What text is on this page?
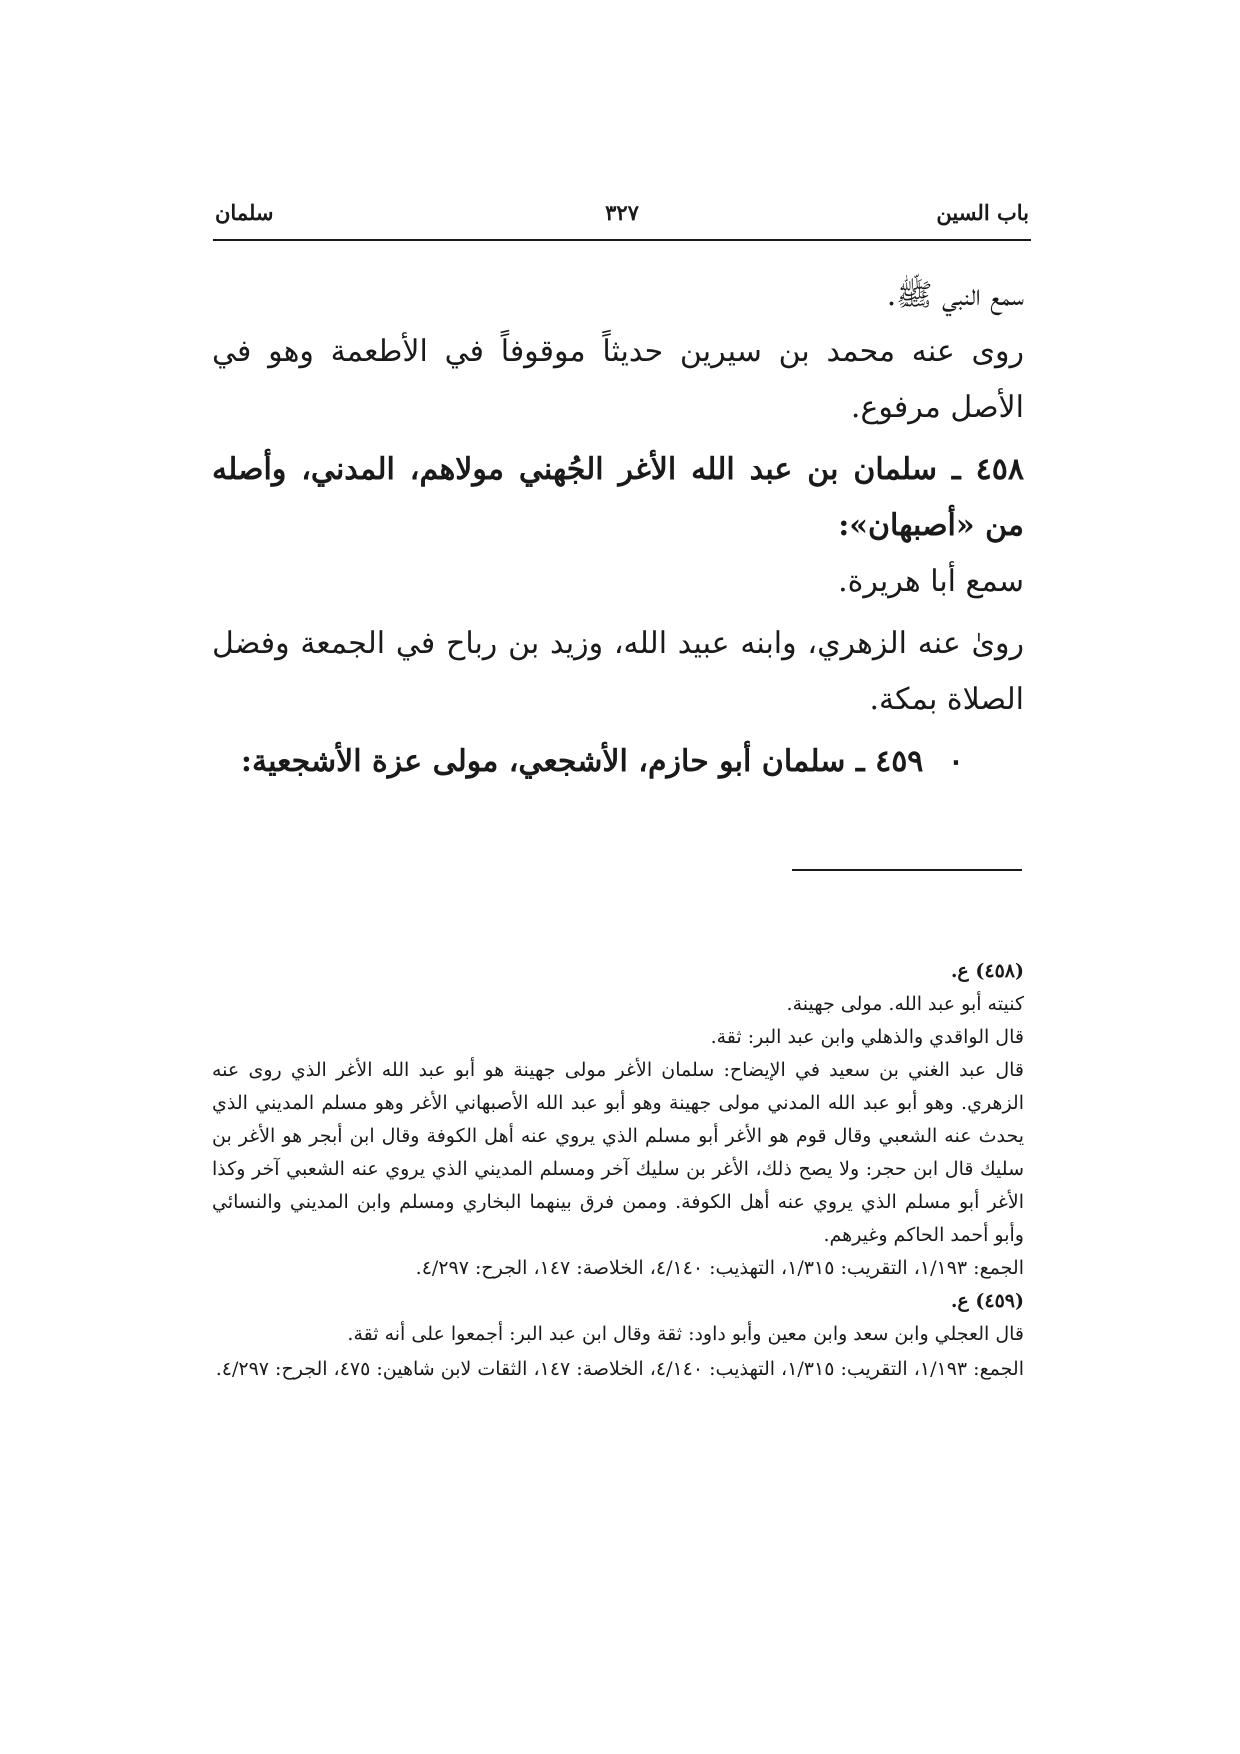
باب السين
٣٢٧
سلمان

سمع النبي ﷺ.

روى عنه محمد بن سيرين حديثاً موقوفاً في الأطعمة وهو في الأصل مرفوع.

٤٥٨ ـ سلمان بن عبد الله الأغر الجُهني مولاهم، المدني، وأصله من «أصبهان»:

سمع أبا هريرة.

روىٰ عنه الزهري، وابنه عبيد الله، وزيد بن رباح في الجمعة وفضل الصلاة بمكة.

٠ ٤٥٩ ـ سلمان أبو حازم، الأشجعي، مولى عزة الأشجعية:

(٤٥٨) ع.

كنيته أبو عبد الله. مولى جهينة.

قال الواقدي والذهلي وابن عبد البر: ثقة.

قال عبد الغني بن سعيد في الإيضاح: سلمان الأغر مولى جهينة هو أبو عبد الله الأغر الذي روى عنه الزهري. وهو أبو عبد الله المدني مولى جهينة وهو أبو عبد الله الأصبهاني الأغر وهو مسلم المديني الذي يحدث عنه الشعبي وقال قوم هو الأغر أبو مسلم الذي يروي عنه أهل الكوفة وقال ابن أبجر هو الأغر بن سليك قال ابن حجر: ولا يصح ذلك، الأغر بن سليك آخر ومسلم المديني الذي يروي عنه الشعبي آخر وكذا الأغر أبو مسلم الذي يروي عنه أهل الكوفة. وممن فرق بينهما البخاري ومسلم وابن المديني والنسائي وأبو أحمد الحاكم وغيرهم.

الجمع: ١/١٩٣، التقريب: ١/٣١٥، التهذيب: ٤/١٤٠، الخلاصة: ١٤٧، الجرح: ٤/٢٩٧.

(٤٥٩) ع.

قال العجلي وابن سعد وابن معين وأبو داود: ثقة وقال ابن عبد البر: أجمعوا على أنه ثقة.

الجمع: ١/١٩٣، التقريب: ١/٣١٥، التهذيب: ٤/١٤٠، الخلاصة: ١٤٧، الثقات لابن شاهين: ٤٧٥، الجرح: ٤/٢٩٧.
